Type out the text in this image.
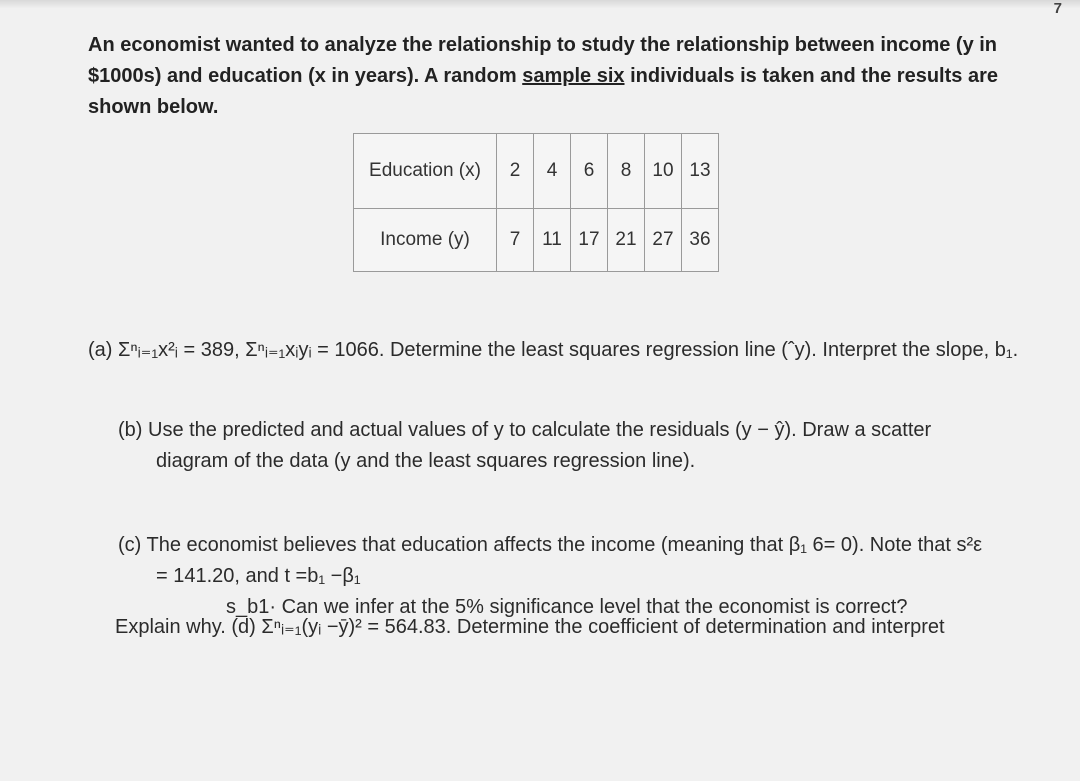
7
An economist wanted to analyze the relationship to study the relationship between income (y in
$1000s) and education (x in years). A random sample six individuals is taken and the results are
shown below.
Education (x)	2	4	6	8	10	13
Income (y)	7	11	17	21	27	36
(a) Σⁿᵢ₌₁x²ᵢ = 389, Σⁿᵢ₌₁xᵢyᵢ = 1066. Determine the least squares regression line (ˆy). Interpret the slope, b₁.
(b) Use the predicted and actual values of y to calculate the residuals (y − ŷ). Draw a scatter
diagram of the data (y and the least squares regression line).
(c) The economist believes that education affects the income (meaning that β₁ 6= 0). Note that s²ε
= 141.20, and t =b₁ −β₁
s_b1· Can we infer at the 5% significance level that the economist is correct?
Explain why. (d) Σⁿᵢ₌₁(yᵢ −ȳ)² = 564.83. Determine the coefficient of determination and interpret
